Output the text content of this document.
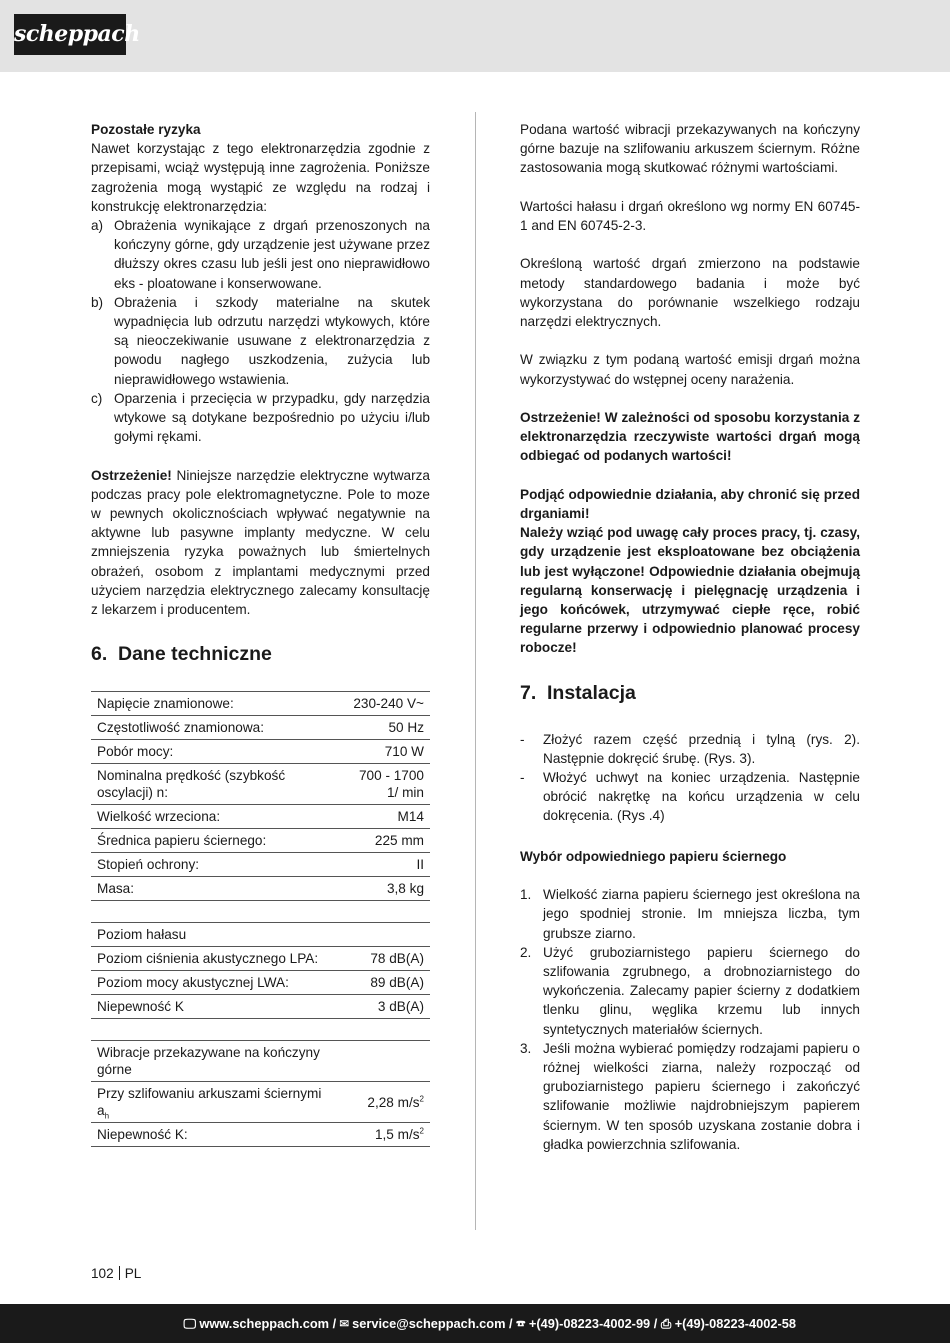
scheppach

Pozostałe ryzyka

Nawet korzystając z tego elektronarzędzia zgodnie z przepisami, wciąż występują inne zagrożenia. Poniższe zagrożenia mogą wystąpić ze względu na rodzaj i konstrukcję elektronarzędzia:

a) Obrażenia wynikające z drgań przenoszonych na kończyny górne, gdy urządzenie jest używane przez dłuższy okres czasu lub jeśli jest ono nieprawidłowo eks - ploatowane i konserwowane.
b) Obrażenia i szkody materialne na skutek wypadnięcia lub odrzutu narzędzi wtykowych, które są nieoczekiwanie usuwane z elektronarzędzia z powodu nagłego uszkodzenia, zużycia lub nieprawidłowego wstawienia.
c) Oparzenia i przecięcia w przypadku, gdy narzędzia wtykowe są dotykane bezpośrednio po użyciu i/lub gołymi rękami.

Ostrzeżenie! Niniejsze narzędzie elektryczne wytwarza podczas pracy pole elektromagnetyczne. Pole to moze w pewnych okolicznościach wpływać negatywnie na aktywne lub pasywne implanty medyczne. W celu zmniejszenia ryzyka poważnych lub śmiertelnych obrażeń, osobom z implantami medycznymi przed użyciem narzędzia elektrycznego zalecamy konsultację z lekarzem i producentem.

6. Dane techniczne
Napięcie znamionowe:	230-240 V~
Częstotliwość znamionowa:	50 Hz
Pobór mocy:	710 W
Nominalna prędkość (szybkość oscylacji) n:	700 - 1700 1/ min
Wielkość wrzeciona:	M14
Średnica papieru ściernego:	225 mm
Stopień ochrony:	II
Masa:	3,8 kg

Poziom hałasu	
Poziom ciśnienia akustycznego LPA:	78 dB(A)
Poziom mocy akustycznej LWA:	89 dB(A)
Niepewność K	3 dB(A)

Wibracje przekazywane na kończyny górne	
Przy szlifowaniu arkuszami ściernymi $a_h$	2,28 $m/s^2$
Niepewność K:	1,5 $m/s^2$

Podana wartość wibracji przekazywanych na kończyny górne bazuje na szlifowaniu arkuszem ściernym. Różne zastosowania mogą skutkować różnymi wartościami.

Wartości hałasu i drgań określono wg normy EN 60745-1 and EN 60745-2-3.

Określoną wartość drgań zmierzono na podstawie metody standardowego badania i może być wykorzystana do porównanie wszelkiego rodzaju narzędzi elektrycznych.

W związku z tym podaną wartość emisji drgań można wykorzystywać do wstępnej oceny narażenia.

Ostrzeżenie! W zależności od sposobu korzystania z elektronarzędzia rzeczywiste wartości drgań mogą odbiegać od podanych wartości!

Podjąć odpowiednie działania, aby chronić się przed drganiami!

Należy wziąć pod uwagę cały proces pracy, tj. czasy, gdy urządzenie jest eksploatowane bez obciążenia lub jest wyłączone! Odpowiednie działania obejmują regularną konserwację i pielęgnację urządzenia i jego końcówek, utrzymywać ciepłe ręce, robić regularne przerwy i odpowiednio planować procesy robocze!

7. Instalacja
-	Złożyć razem część przednią i tylną (rys. 2). Następnie dokręcić śrubę. (Rys. 3).
-	Włożyć uchwyt na koniec urządzenia. Następnie obrócić nakrętkę na końcu urządzenia w celu dokręcenia. (Rys .4)

Wybór odpowiedniego papieru ściernego

1. Wielkość ziarna papieru ściernego jest określona na jego spodniej stronie. Im mniejsza liczba, tym grubsze ziarno.
2. Użyć gruboziarnistego papieru ściernego do szlifowania zgrubnego, a drobnoziarnistego do wykończenia. Zalecamy papier ścierny z dodatkiem tlenku glinu, węglika krzemu lub innych syntetycznych materiałów ściernych.
3. Jeśli można wybierać pomiędzy rodzajami papieru o różnej wielkości ziarna, należy rozpocząć od gruboziarnistego papieru ściernego i zakończyć szlifowanie możliwie najdrobniejszym papierem ściernym. W ten sposób uzyskana zostanie dobra i gładka powierzchnia szlifowania.
102 PL
🖵 www.scheppach.com / ✉ service@scheppach.com / ☎ +(49)-08223-4002-99 / ⎙ +(49)-08223-4002-58
